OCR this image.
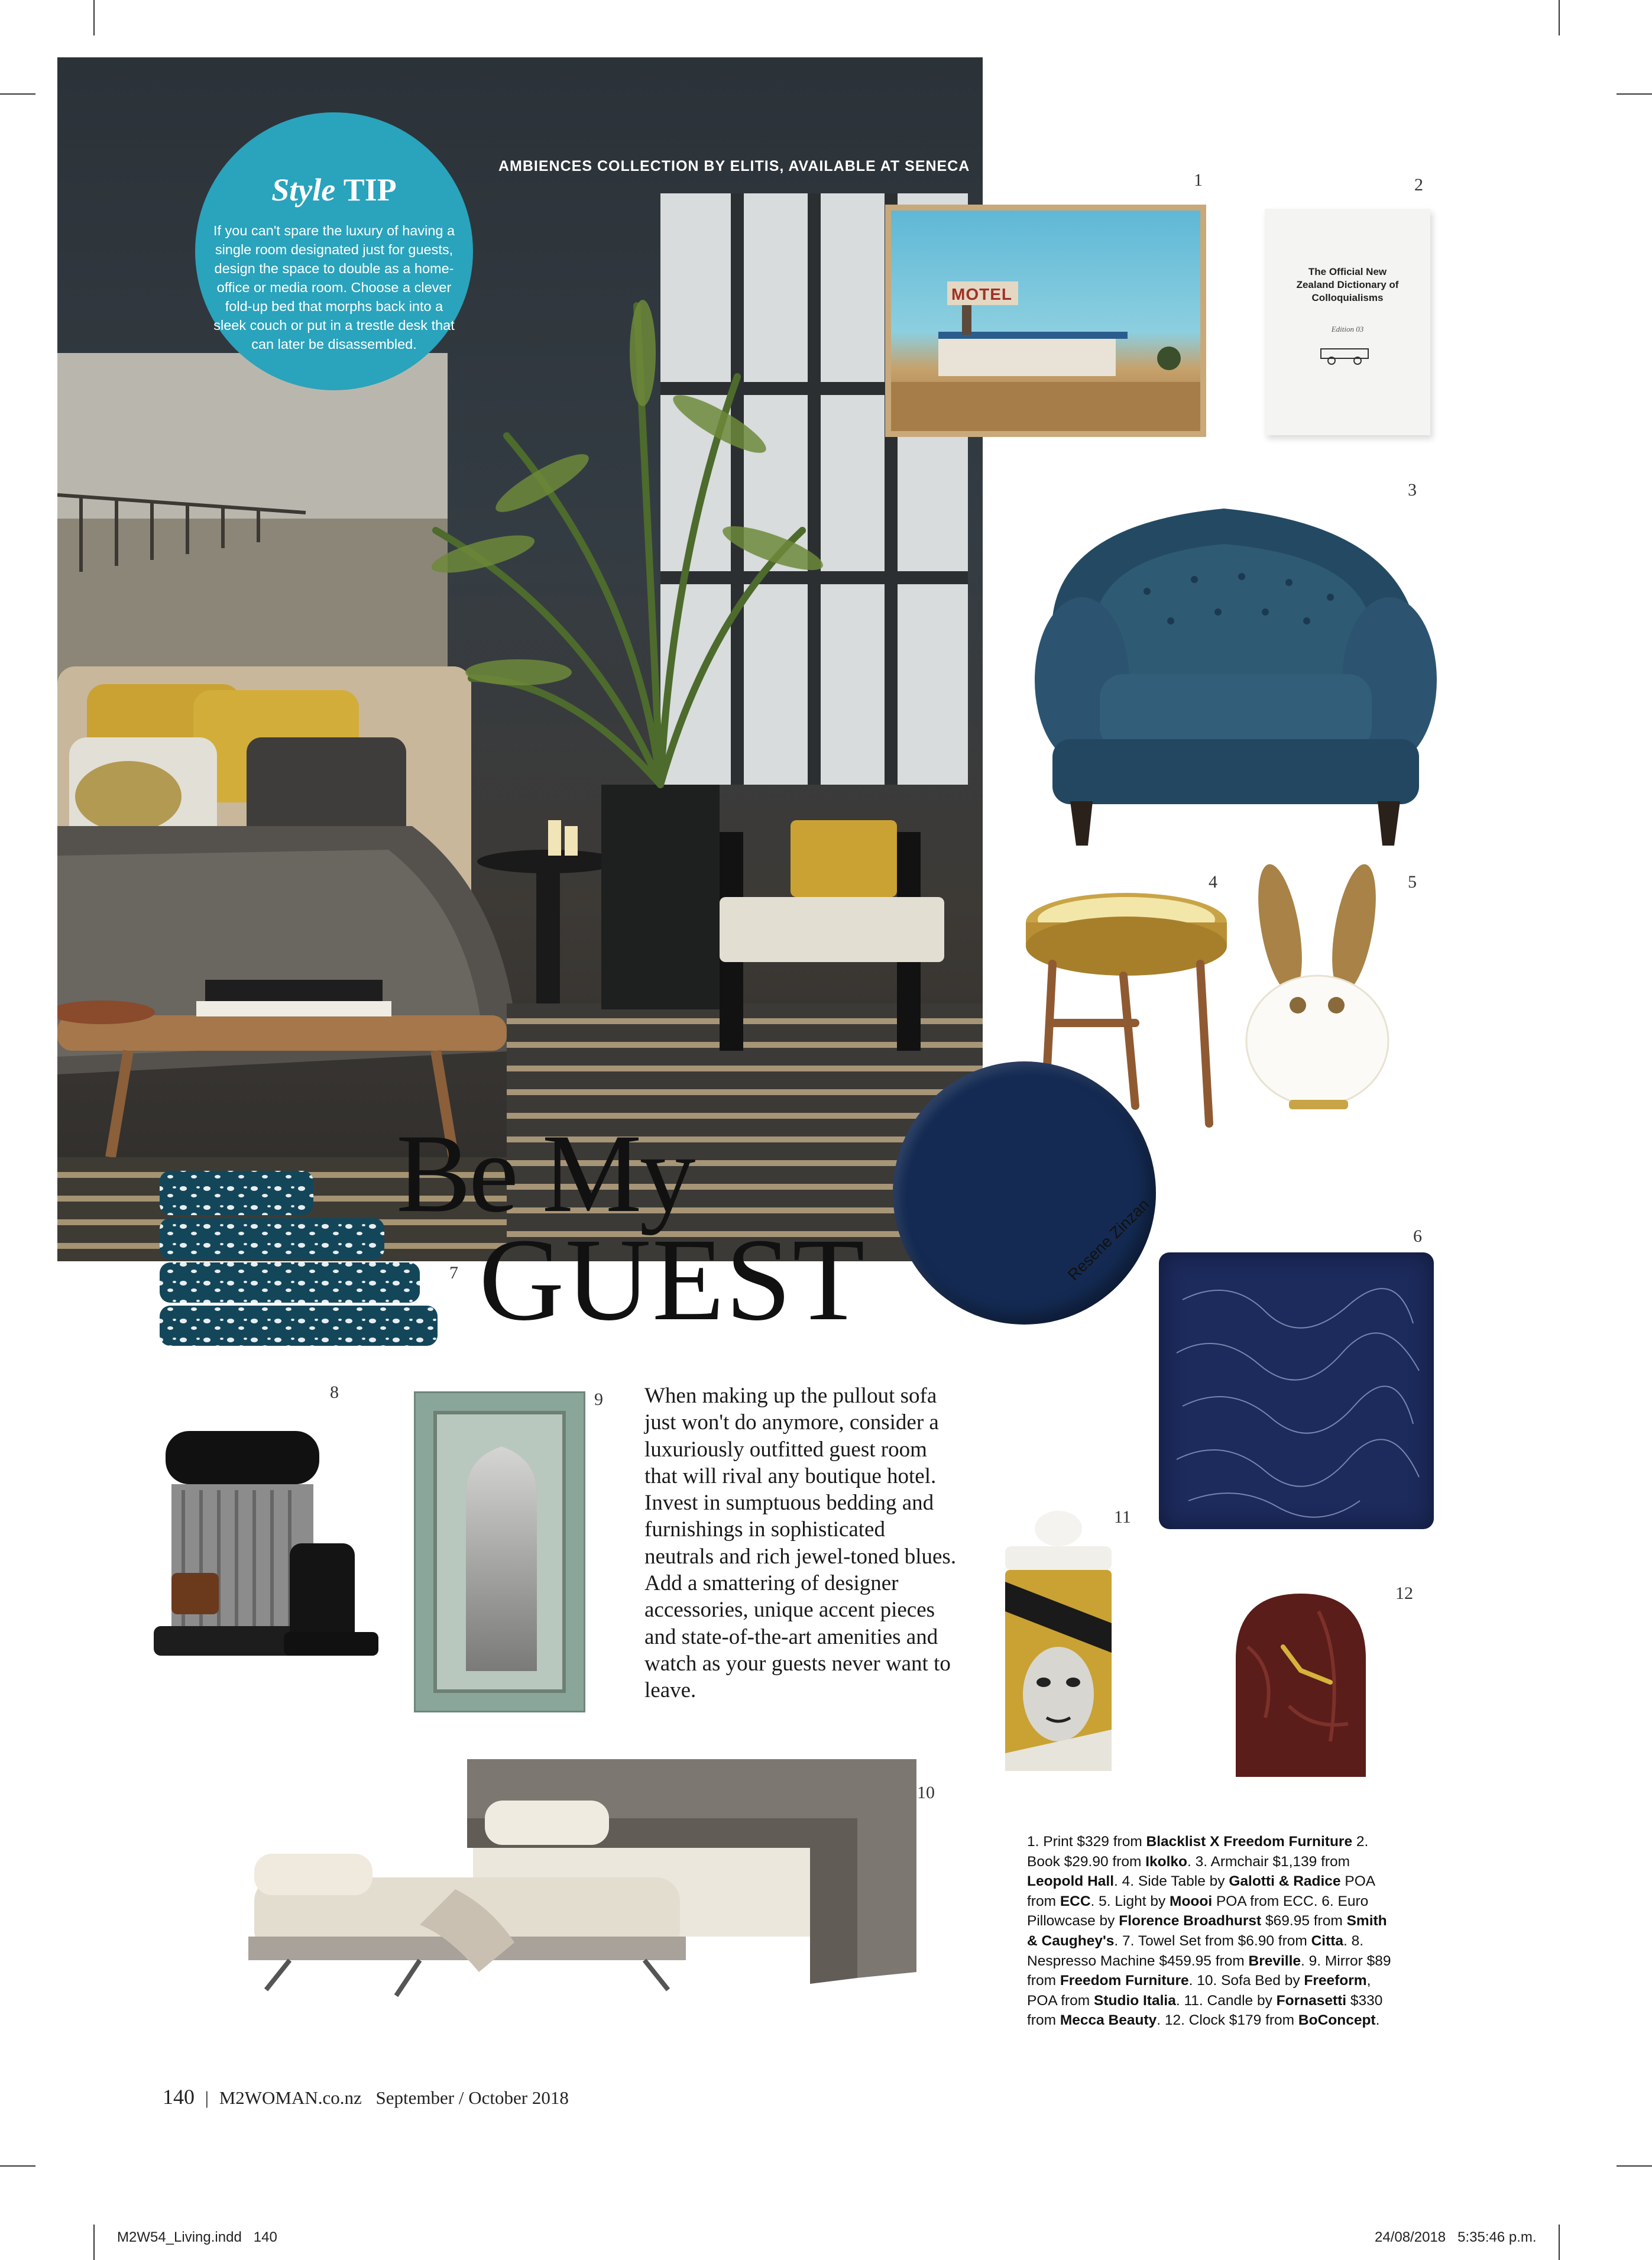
AMBIENCES COLLECTION BY ELITIS, AVAILABLE AT SENECA
Style TIP
If you can't spare the luxury of having a single room designated just for guests, design the space to double as a home- office or media room. Choose a clever fold-up bed that morphs back into a sleek couch or put in a trestle desk that can later be disassembled.
1	2
3
4	5
6
7
8	9
10
11
12
MOTEL
The Official New Zealand Dictionary of Colloquialisms
Edition 03
Resene Zinzan
Be My
GUEST
When making up the pullout sofa just won't do anymore, consider a luxuriously outfitted guest room that will rival any boutique hotel. Invest in sumptuous bedding and furnishings in sophisticated neutrals and rich jewel-toned blues. Add a smattering of designer accessories, unique accent pieces and state-of-the-art amenities and watch as your guests never want to leave.
1. Print $329 from Blacklist X Freedom Furniture 2. Book $29.90 from Ikolko. 3. Armchair $1,139 from Leopold Hall. 4. Side Table by Galotti & Radice POA from ECC. 5. Light by Moooi POA from ECC. 6. Euro Pillowcase by Florence Broadhurst $69.95 from Smith & Caughey's. 7. Towel Set from $6.90 from Citta. 8. Nespresso Machine $459.95 from Breville. 9. Mirror $89 from Freedom Furniture. 10. Sofa Bed by Freeform, POA from Studio Italia. 11. Candle by Fornasetti $330 from Mecca Beauty. 12. Clock $179 from BoConcept.
140 | M2WOMAN.co.nz September / October 2018
M2W54_Living.indd   140	24/08/2018   5:35:46 p.m.
